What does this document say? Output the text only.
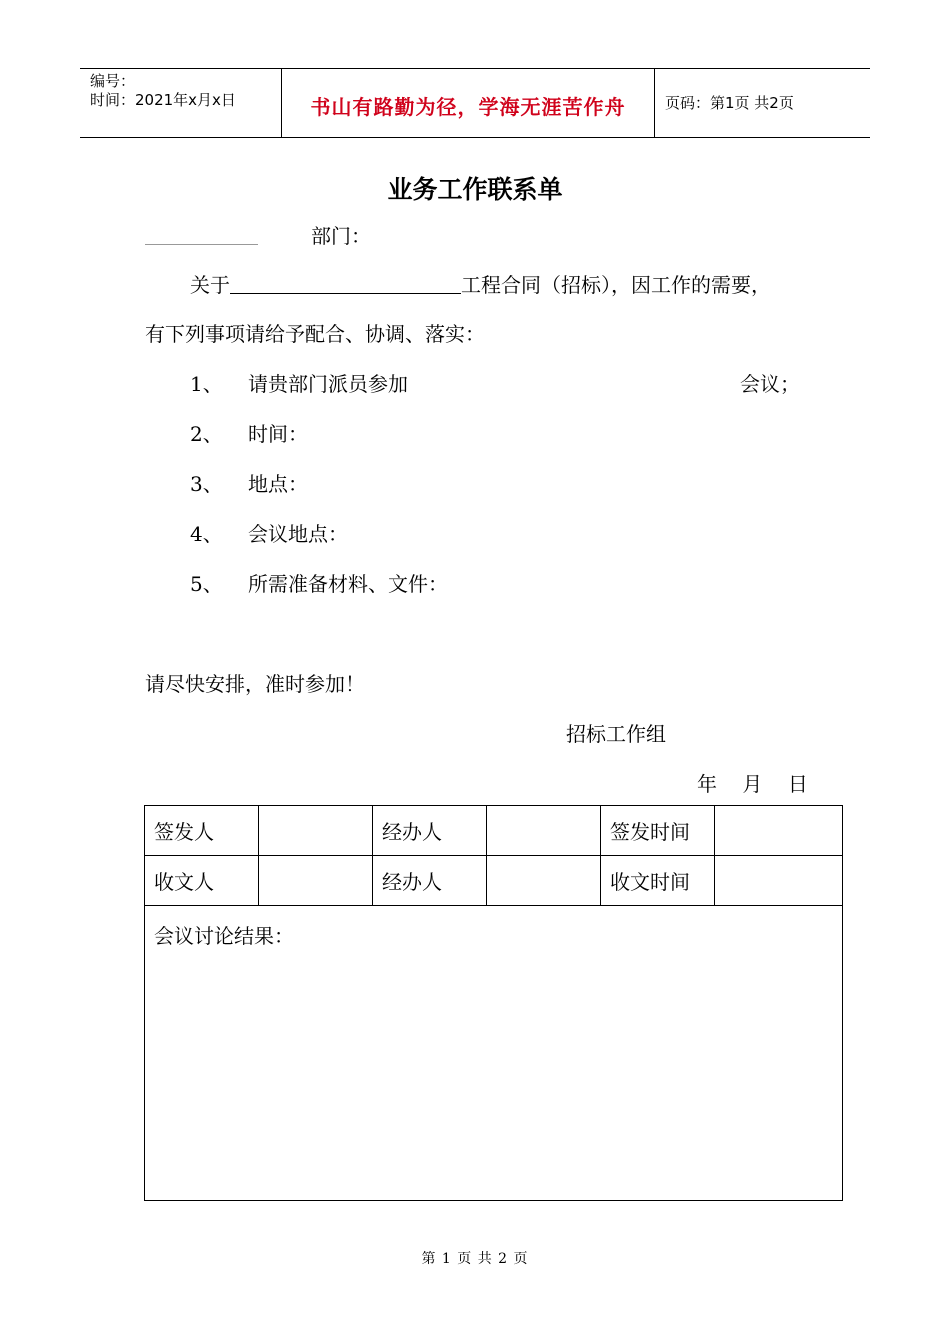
编号：
时间：2021年x月x日	书山有路勤为径，学海无涯苦作舟	页码：第1页 共2页
业务工作联系单
部门：
关于	工程合同（招标），因工作的需要，
有下列事项请给予配合、协调、落实：
1、 请贵部门派员参加	会议；
2、 时间：
3、 地点：
4、 会议地点：
5、 所需准备材料、文件：
请尽快安排，准时参加！
招标工作组
年    月    日
签发人		经办人		签发时间	
收文人		经办人		收文时间	
会议讨论结果：
第 1 页 共 2 页
